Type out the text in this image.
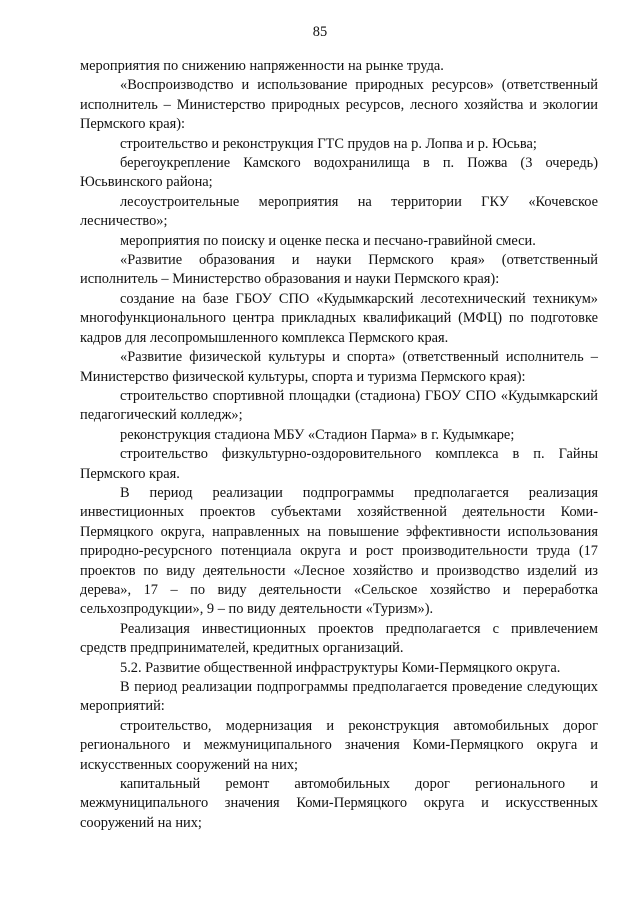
85

мероприятия по снижению напряженности на рынке труда.

«Воспроизводство и использование природных ресурсов» (ответственный исполнитель – Министерство природных ресурсов, лесного хозяйства и экологии Пермского края):

строительство и реконструкция ГТС прудов на р. Лопва и р. Юсьва;

берегоукрепление Камского водохранилища в п. Пожва (3 очередь) Юсьвинского района;

лесоустроительные мероприятия на территории ГКУ «Кочевское лесничество»;

мероприятия по поиску и оценке песка и песчано-гравийной смеси.

«Развитие образования и науки Пермского края» (ответственный исполнитель – Министерство образования и науки Пермского края):

создание на базе ГБОУ СПО «Кудымкарский лесотехнический техникум» многофункционального центра прикладных квалификаций (МФЦ) по подготовке кадров для лесопромышленного комплекса Пермского края.

«Развитие физической культуры и спорта» (ответственный исполнитель – Министерство физической культуры, спорта и туризма Пермского края):

строительство спортивной площадки (стадиона) ГБОУ СПО «Кудымкарский педагогический колледж»;

реконструкция стадиона МБУ «Стадион Парма» в г. Кудымкаре;

строительство физкультурно-оздоровительного комплекса в п. Гайны Пермского края.

В период реализации подпрограммы предполагается реализация инвестиционных проектов субъектами хозяйственной деятельности Коми-Пермяцкого округа, направленных на повышение эффективности использования природно-ресурсного потенциала округа и рост производительности труда (17 проектов по виду деятельности «Лесное хозяйство и производство изделий из дерева», 17 – по виду деятельности «Сельское хозяйство и переработка сельхозпродукции», 9 – по виду деятельности «Туризм»).

Реализация инвестиционных проектов предполагается с привлечением средств предпринимателей, кредитных организаций.

5.2. Развитие общественной инфраструктуры Коми-Пермяцкого округа.

В период реализации подпрограммы предполагается проведение следующих мероприятий:

строительство, модернизация и реконструкция автомобильных дорог регионального и межмуниципального значения Коми-Пермяцкого округа и искусственных сооружений на них;

капитальный ремонт автомобильных дорог регионального и межмуниципального значения Коми-Пермяцкого округа и искусственных сооружений на них;
